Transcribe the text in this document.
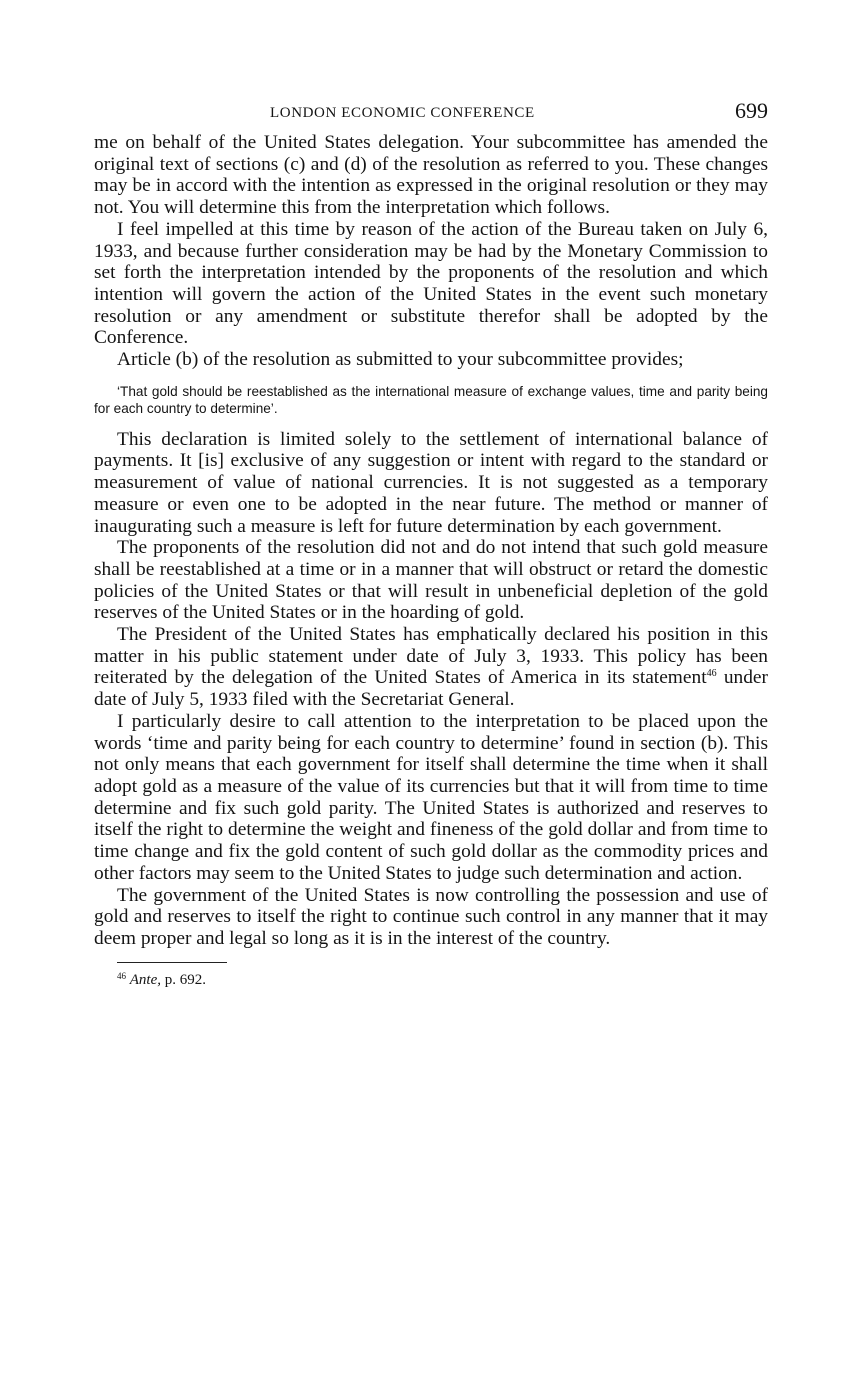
LONDON ECONOMIC CONFERENCE	699

me on behalf of the United States delegation. Your subcommittee has amended the original text of sections (c) and (d) of the resolution as referred to you. These changes may be in accord with the intention as expressed in the original resolution or they may not. You will determine this from the interpretation which follows.

I feel impelled at this time by reason of the action of the Bureau taken on July 6, 1933, and because further consideration may be had by the Monetary Commission to set forth the interpretation intended by the proponents of the resolution and which intention will govern the action of the United States in the event such monetary resolution or any amendment or substitute therefor shall be adopted by the Conference.

Article (b) of the resolution as submitted to your subcommittee provides;

‘That gold should be reestablished as the international measure of exchange values, time and parity being for each country to determine’.

This declaration is limited solely to the settlement of international balance of payments. It [is] exclusive of any suggestion or intent with regard to the standard or measurement of value of national currencies. It is not suggested as a temporary measure or even one to be adopted in the near future. The method or manner of inaugurating such a measure is left for future determination by each government.

The proponents of the resolution did not and do not intend that such gold measure shall be reestablished at a time or in a manner that will obstruct or retard the domestic policies of the United States or that will result in unbeneficial depletion of the gold reserves of the United States or in the hoarding of gold.

The President of the United States has emphatically declared his position in this matter in his public statement under date of July 3, 1933. This policy has been reiterated by the delegation of the United States of America in its statement$^{46}$ under date of July 5, 1933 filed with the Secretariat General.

I particularly desire to call attention to the interpretation to be placed upon the words ‘time and parity being for each country to determine’ found in section (b). This not only means that each government for itself shall determine the time when it shall adopt gold as a measure of the value of its currencies but that it will from time to time determine and fix such gold parity. The United States is authorized and reserves to itself the right to determine the weight and fineness of the gold dollar and from time to time change and fix the gold content of such gold dollar as the commodity prices and other factors may seem to the United States to judge such determination and action.

The government of the United States is now controlling the possession and use of gold and reserves to itself the right to continue such control in any manner that it may deem proper and legal so long as it is in the interest of the country.

$^{46}$ Ante, p. 692.
